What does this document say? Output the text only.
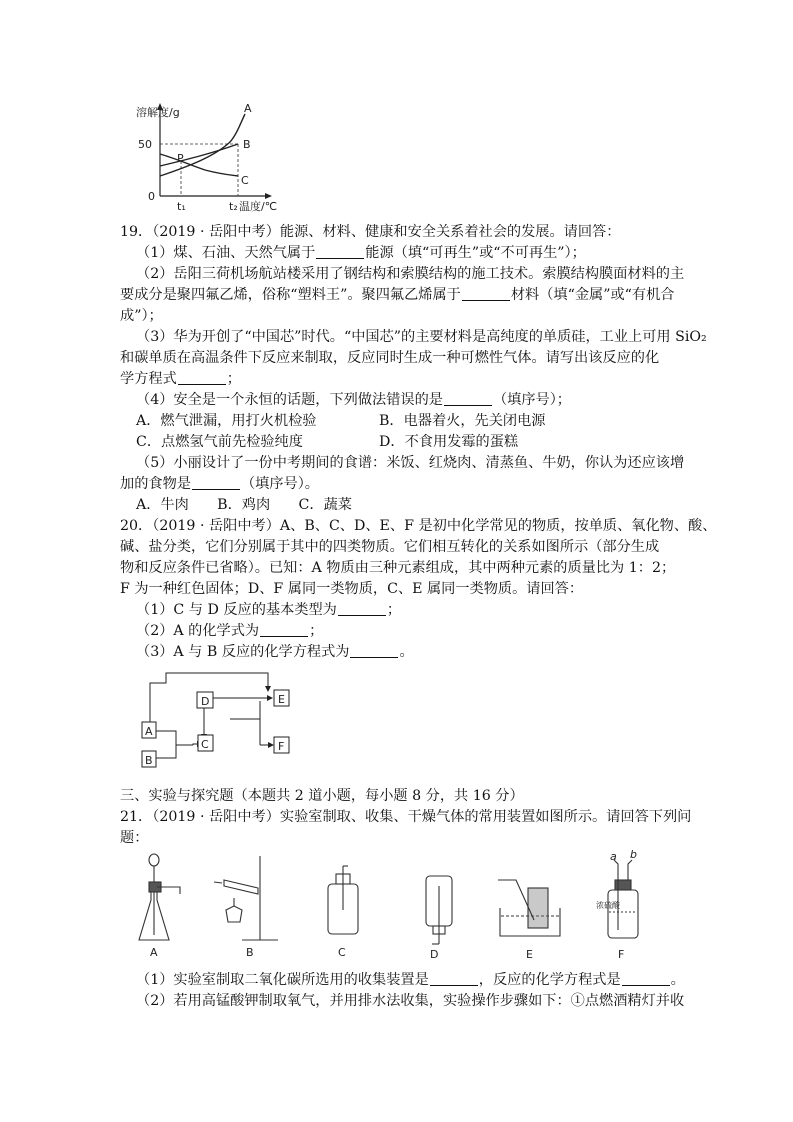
溶解度/g
50
0
t₁	t₂ 温度/℃
A
B
C
P
19．（2019 · 岳阳中考）能源、材料、健康和安全关系着社会的发展。请回答：
（1）煤、石油、天然气属于	能源（填“可再生”或“不可再生”）；
（2）岳阳三荷机场航站楼采用了钢结构和索膜结构的施工技术。索膜结构膜面材料的主
要成分是聚四氟乙烯，俗称“塑料王”。聚四氟乙烯属于	材料（填“金属”或“有机合
成”）；
（3）华为开创了“中国芯”时代。“中国芯”的主要材料是高纯度的单质硅，工业上可用 SiO₂
和碳单质在高温条件下反应来制取，反应同时生成一种可燃性气体。请写出该反应的化
学方程式	；
（4）安全是一个永恒的话题，下列做法错误的是	（填序号）；
A．燃气泄漏，用打火机检验	B．电器着火，先关闭电源
C．点燃氢气前先检验纯度	D．不食用发霉的蛋糕
（5）小丽设计了一份中考期间的食谱：米饭、红烧肉、清蒸鱼、牛奶，你认为还应该增
加的食物是	（填序号）。
A．牛肉　　B．鸡肉　　C．蔬菜
20．（2019 · 岳阳中考）A、B、C、D、E、F 是初中化学常见的物质，按单质、氧化物、酸、
碱、盐分类，它们分别属于其中的四类物质。它们相互转化的关系如图所示（部分生成
物和反应条件已省略）。已知：A 物质由三种元素组成，其中两种元素的质量比为 1：2；
F 为一种红色固体；D、F 属同一类物质，C、E 属同一类物质。请回答：
（1）C 与 D 反应的基本类型为	；
（2）A 的化学式为	；
（3）A 与 B 反应的化学方程式为	。
A
B
C
D	E
F
三、实验与探究题（本题共 2 道小题，每小题 8 分，共 16 分）
21．（2019 · 岳阳中考）实验室制取、收集、干燥气体的常用装置如图所示。请回答下列问
题：
A	B	C	D	E	F
a b
浓硫酸
（1）实验室制取二氧化碳所选用的收集装置是	，反应的化学方程式是	。
（2）若用高锰酸钾制取氧气，并用排水法收集，实验操作步骤如下：①点燃酒精灯并收
